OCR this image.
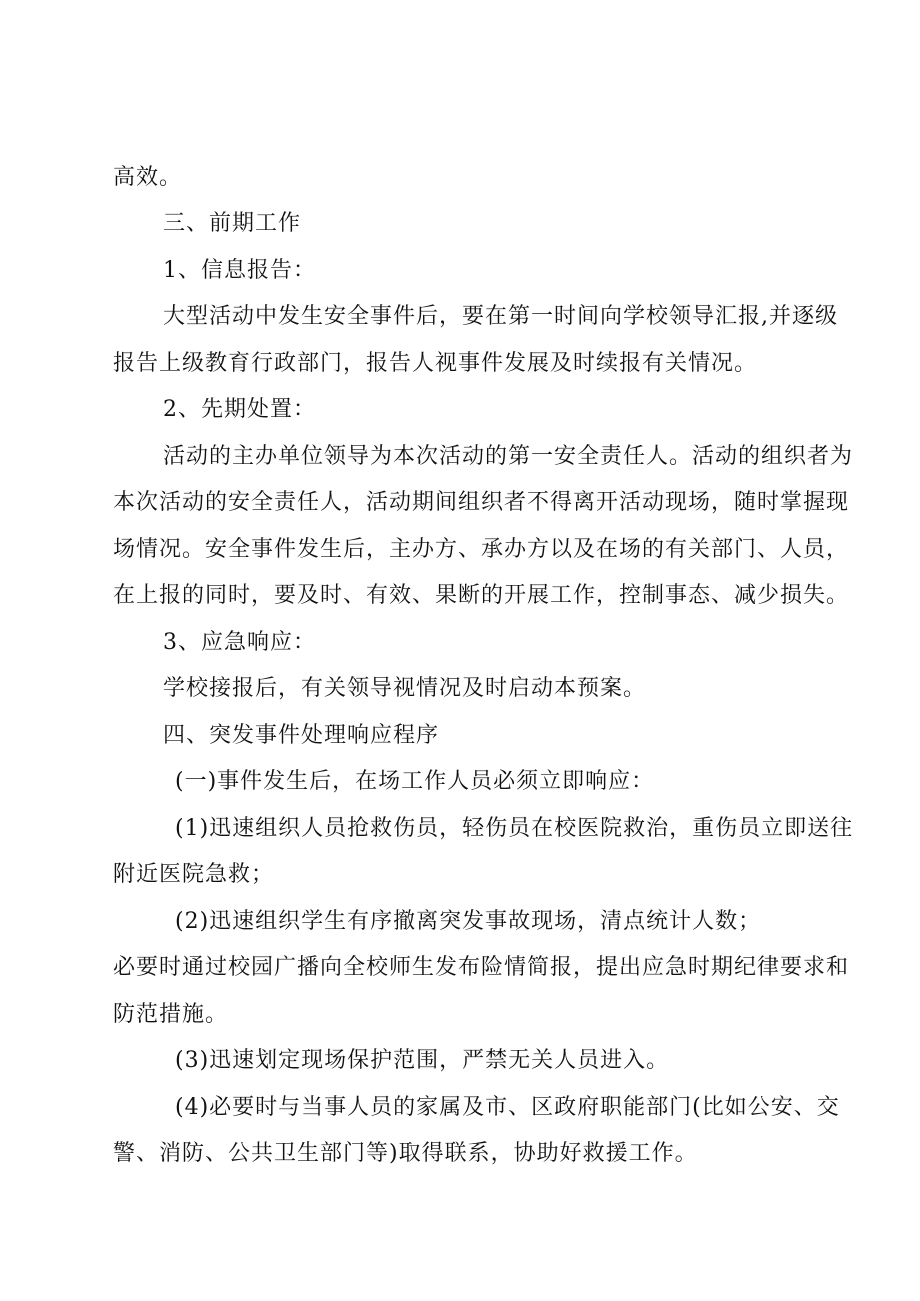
高效。
三、前期工作
1、信息报告：
大型活动中发生安全事件后，要在第一时间向学校领导汇报,并逐级
报告上级教育行政部门，报告人视事件发展及时续报有关情况。
2、先期处置：
活动的主办单位领导为本次活动的第一安全责任人。活动的组织者为
本次活动的安全责任人，活动期间组织者不得离开活动现场，随时掌握现
场情况。安全事件发生后，主办方、承办方以及在场的有关部门、人员，
在上报的同时，要及时、有效、果断的开展工作，控制事态、减少损失。
3、应急响应：
学校接报后，有关领导视情况及时启动本预案。
四、突发事件处理响应程序
(一)事件发生后，在场工作人员必须立即响应：
(1)迅速组织人员抢救伤员，轻伤员在校医院救治，重伤员立即送往
附近医院急救；
(2)迅速组织学生有序撤离突发事故现场，清点统计人数；
必要时通过校园广播向全校师生发布险情简报，提出应急时期纪律要求和
防范措施。
(3)迅速划定现场保护范围，严禁无关人员进入。
(4)必要时与当事人员的家属及市、区政府职能部门(比如公安、交
警、消防、公共卫生部门等)取得联系，协助好救援工作。
